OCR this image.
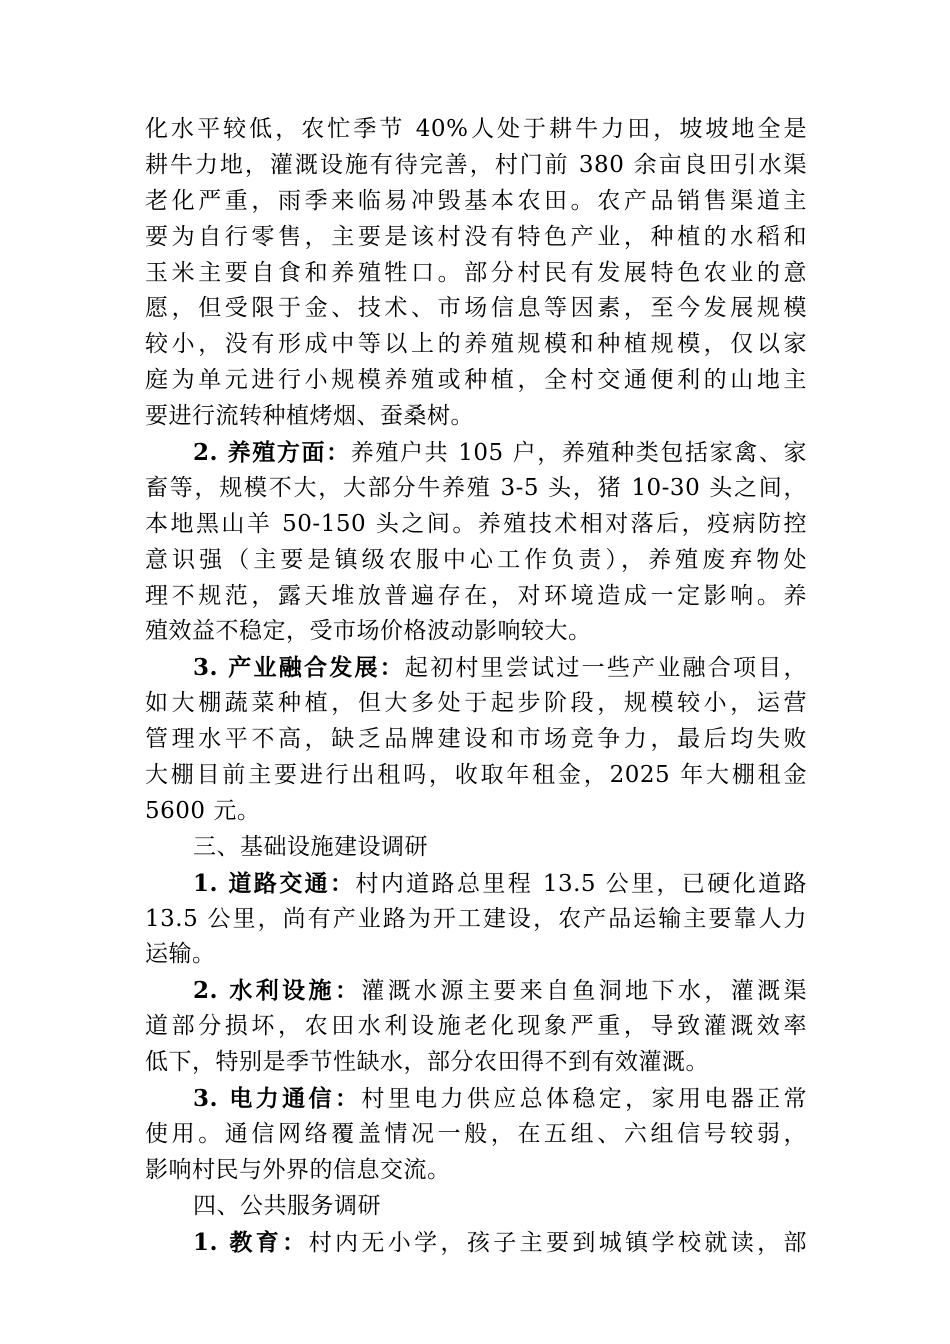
化水平较低，农忙季节 40%人处于耕牛力田，坡坡地全是
耕牛力地，灌溉设施有待完善，村门前 380 余亩良田引水渠
老化严重，雨季来临易冲毁基本农田。农产品销售渠道主
要为自行零售，主要是该村没有特色产业，种植的水稻和
玉米主要自食和养殖牲口。部分村民有发展特色农业的意
愿，但受限于金、技术、市场信息等因素，至今发展规模
较小，没有形成中等以上的养殖规模和种植规模，仅以家
庭为单元进行小规模养殖或种植，全村交通便利的山地主
要进行流转种植烤烟、蚕桑树。
2. 养殖方面：养殖户共 105 户，养殖种类包括家禽、家
畜等，规模不大，大部分牛养殖 3-5 头，猪 10-30 头之间，
本地黑山羊 50-150 头之间。养殖技术相对落后，疫病防控
意识强（主要是镇级农服中心工作负责），养殖废弃物处
理不规范，露天堆放普遍存在，对环境造成一定影响。养
殖效益不稳定，受市场价格波动影响较大。
3. 产业融合发展：起初村里尝试过一些产业融合项目，
如大棚蔬菜种植，但大多处于起步阶段，规模较小，运营
管理水平不高，缺乏品牌建设和市场竞争力，最后均失败
大棚目前主要进行出租吗，收取年租金，2025 年大棚租金
5600 元。
三、基础设施建设调研
1. 道路交通：村内道路总里程 13.5 公里，已硬化道路
13.5 公里，尚有产业路为开工建设，农产品运输主要靠人力
运输。
2. 水利设施：灌溉水源主要来自鱼洞地下水，灌溉渠
道部分损坏，农田水利设施老化现象严重，导致灌溉效率
低下，特别是季节性缺水，部分农田得不到有效灌溉。
3. 电力通信：村里电力供应总体稳定，家用电器正常
使用。通信网络覆盖情况一般，在五组、六组信号较弱，
影响村民与外界的信息交流。
四、公共服务调研
1. 教育：村内无小学，孩子主要到城镇学校就读，部
